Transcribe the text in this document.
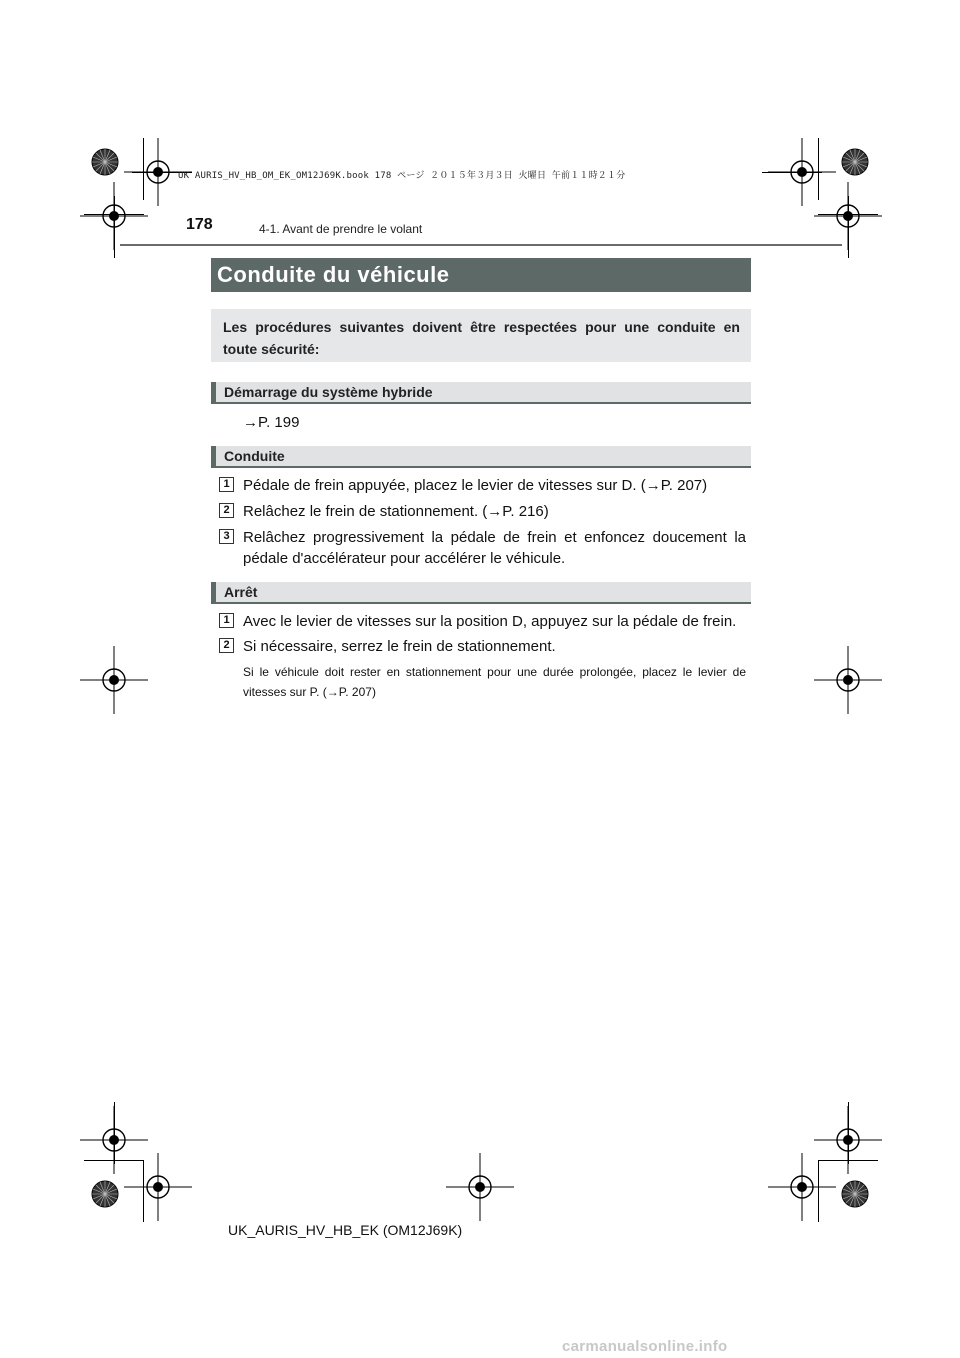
UK AURIS_HV_HB_OM_EK_OM12J69K.book 178 ページ ２０１５年３月３日 火曜日 午前１１時２１分
178	4-1. Avant de prendre le volant
Conduite du véhicule
Les procédures suivantes doivent être respectées pour une conduite en toute sécurité:
Démarrage du système hybride
→P. 199
Conduite
1 Pédale de frein appuyée, placez le levier de vitesses sur D. (→P. 207)
2 Relâchez le frein de stationnement. (→P. 216)
3 Relâchez progressivement la pédale de frein et enfoncez doucement la pédale d'accélérateur pour accélérer le véhicule.
Arrêt
1 Avec le levier de vitesses sur la position D, appuyez sur la pédale de frein.
2 Si nécessaire, serrez le frein de stationnement.
Si le véhicule doit rester en stationnement pour une durée prolongée, placez le levier de vitesses sur P. (→P. 207)
UK_AURIS_HV_HB_EK (OM12J69K)
carmanualsonline.info
